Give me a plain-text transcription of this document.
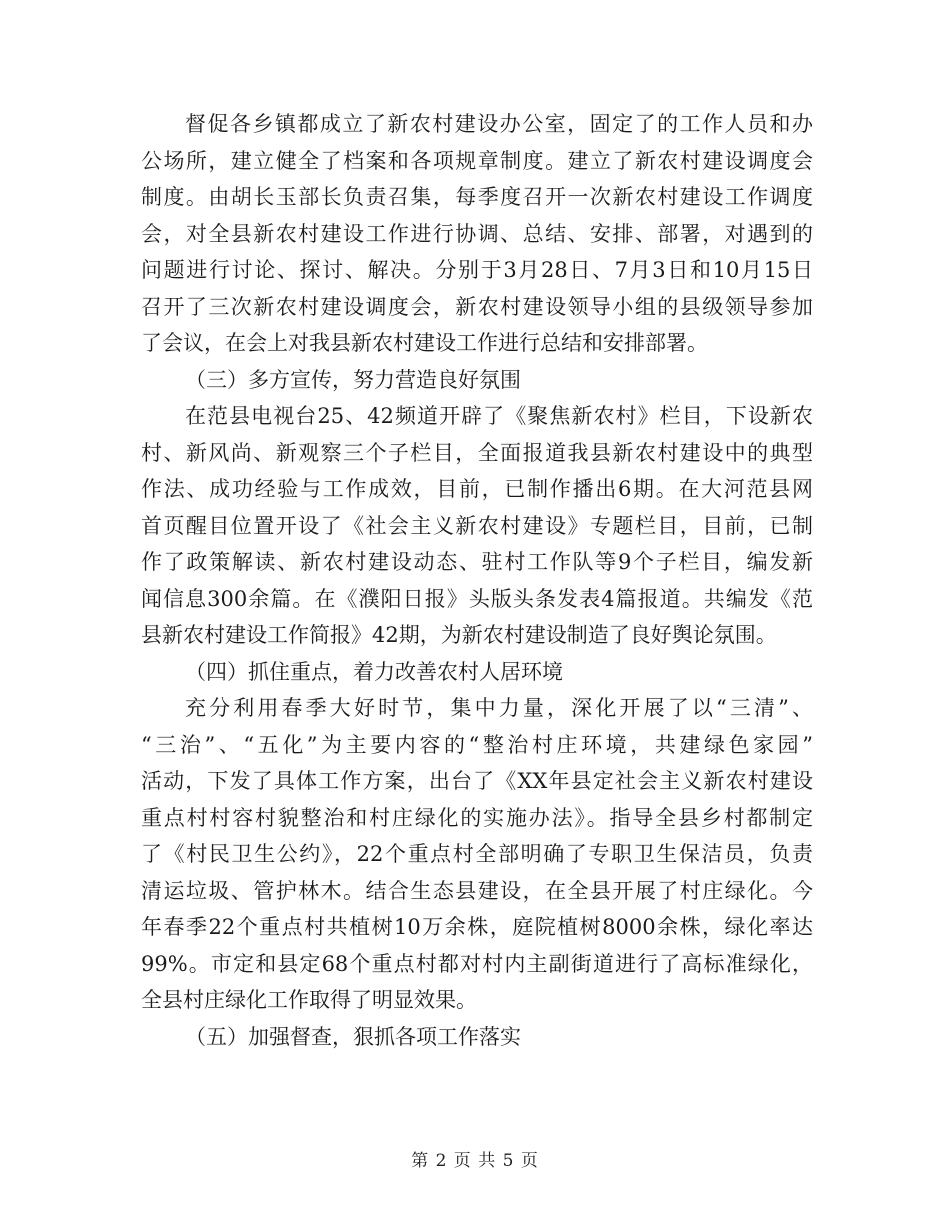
督促各乡镇都成立了新农村建设办公室，固定了的工作人员和办
公场所，建立健全了档案和各项规章制度。建立了新农村建设调度会
制度。由胡长玉部长负责召集，每季度召开一次新农村建设工作调度
会，对全县新农村建设工作进行协调、总结、安排、部署，对遇到的
问题进行讨论、探讨、解决。分别于3月28日、7月3日和10月15日
召开了三次新农村建设调度会，新农村建设领导小组的县级领导参加
了会议，在会上对我县新农村建设工作进行总结和安排部署。
（三）多方宣传，努力营造良好氛围
在范县电视台25、42频道开辟了《聚焦新农村》栏目，下设新农
村、新风尚、新观察三个子栏目，全面报道我县新农村建设中的典型
作法、成功经验与工作成效，目前，已制作播出6期。在大河范县网
首页醒目位置开设了《社会主义新农村建设》专题栏目，目前，已制
作了政策解读、新农村建设动态、驻村工作队等9个子栏目，编发新
闻信息300余篇。在《濮阳日报》头版头条发表4篇报道。共编发《范
县新农村建设工作简报》42期，为新农村建设制造了良好舆论氛围。
（四）抓住重点，着力改善农村人居环境
充分利用春季大好时节，集中力量，深化开展了以“三清”、
“三治”、“五化”为主要内容的“整治村庄环境，共建绿色家园”
活动，下发了具体工作方案，出台了《XX年县定社会主义新农村建设
重点村村容村貌整治和村庄绿化的实施办法》。指导全县乡村都制定
了《村民卫生公约》，22个重点村全部明确了专职卫生保洁员，负责
清运垃圾、管护林木。结合生态县建设，在全县开展了村庄绿化。今
年春季22个重点村共植树10万余株，庭院植树8000余株，绿化率达
99%。市定和县定68个重点村都对村内主副街道进行了高标准绿化，
全县村庄绿化工作取得了明显效果。
（五）加强督查，狠抓各项工作落实
第 2 页 共 5 页
